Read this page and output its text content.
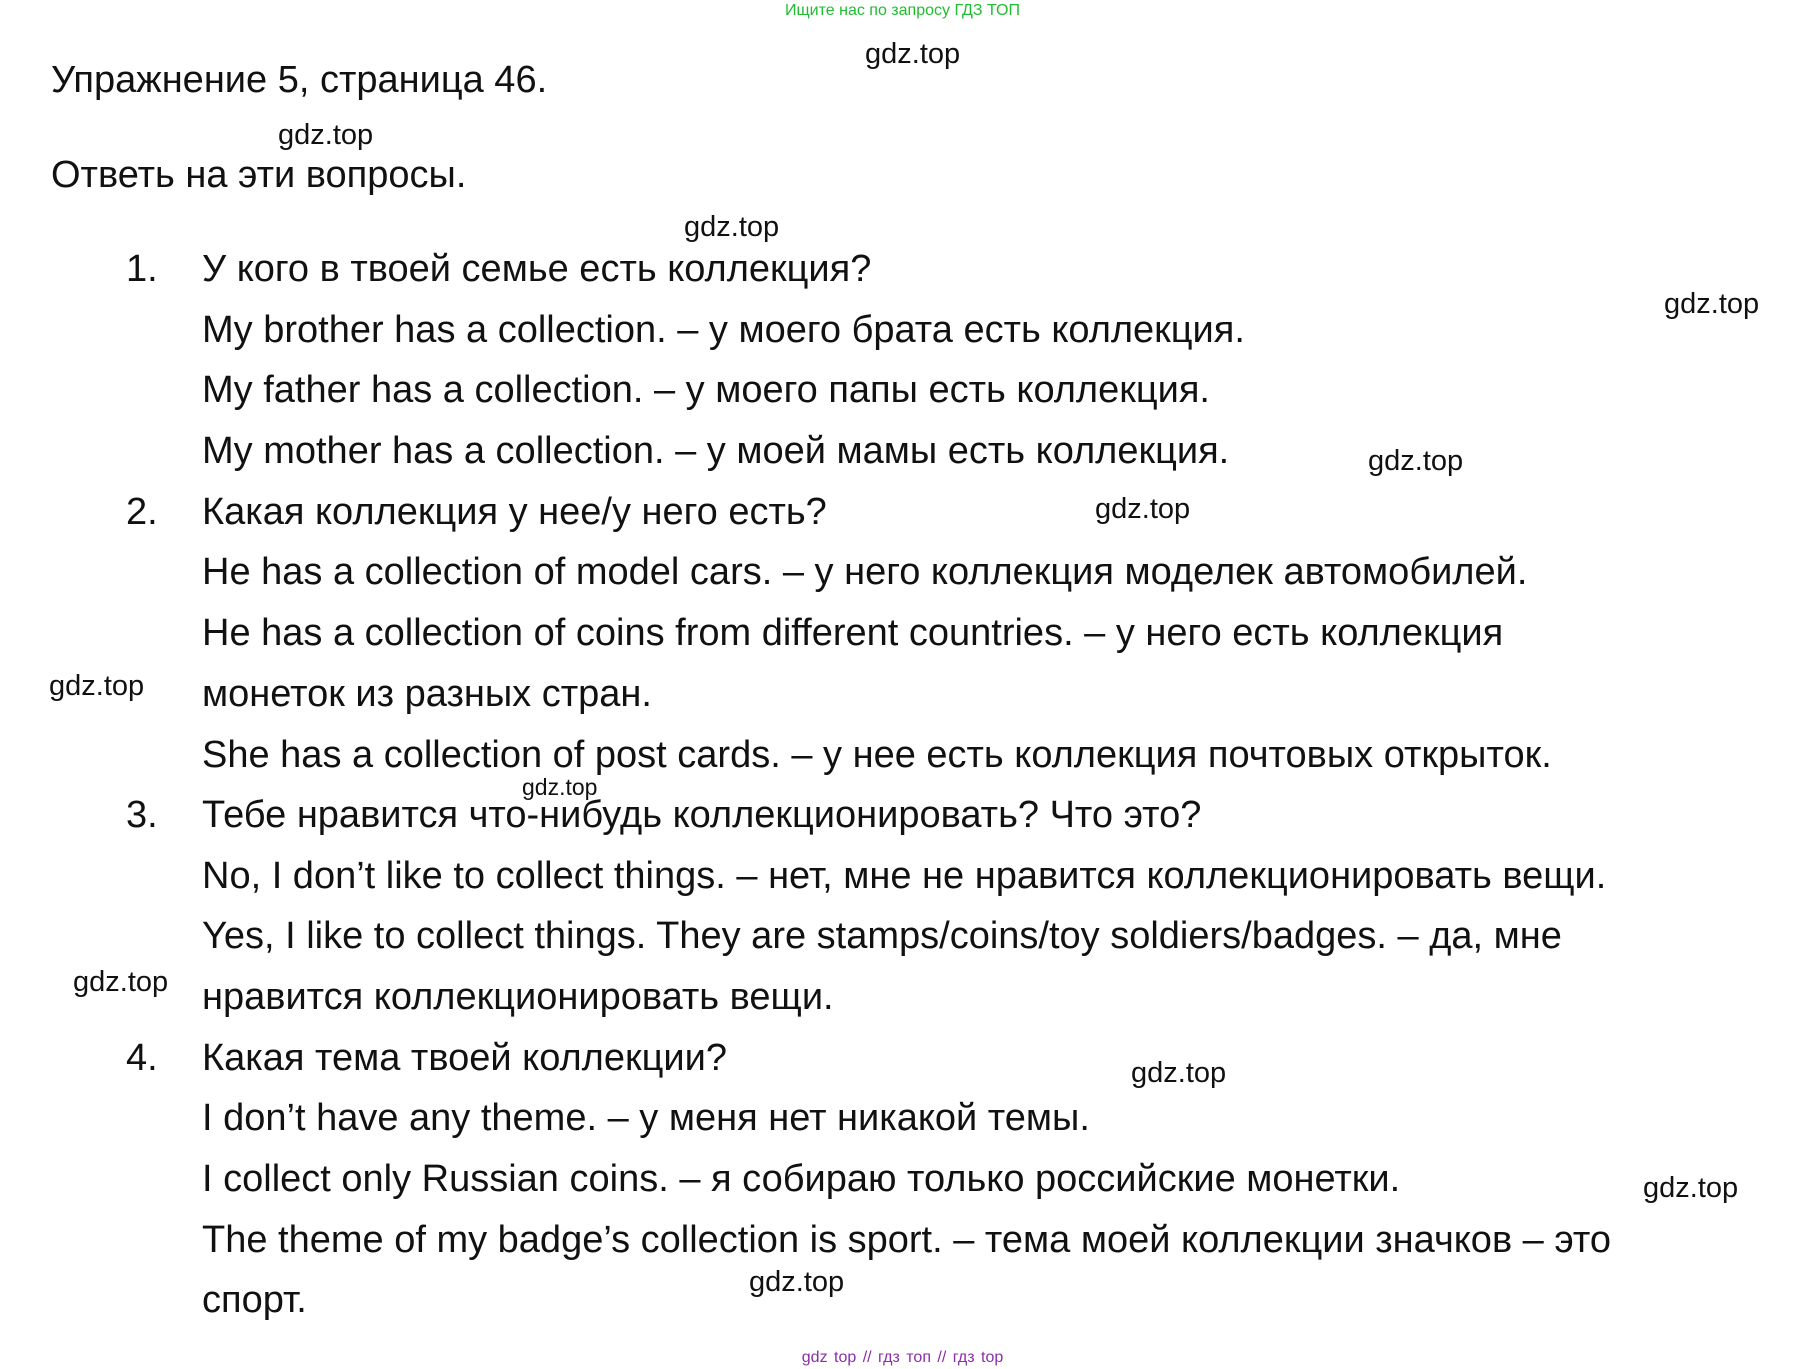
Ищите нас по запросу ГДЗ ТОП
Упражнение 5, страница 46.
Ответь на эти вопросы.
1. У кого в твоей семье есть коллекция?
My brother has a collection. – у моего брата есть коллекция.
My father has a collection. – у моего папы есть коллекция.
My mother has a collection. – у моей мамы есть коллекция.
2. Какая коллекция у нее/у него есть?
He has a collection of model cars. – у него коллекция моделек автомобилей.
He has a collection of coins from different countries. – у него есть коллекция
монеток из разных стран.
She has a collection of post cards. – у нее есть коллекция почтовых открыток.
3. Тебе нравится что-нибудь коллекционировать? Что это?
No, I don’t like to collect things. – нет, мне не нравится коллекционировать вещи.
Yes, I like to collect things. They are stamps/coins/toy soldiers/badges. – да, мне
нравится коллекционировать вещи.
4. Какая тема твоей коллекции?
I don’t have any theme. – у меня нет никакой темы.
I collect only Russian coins. – я собираю только российские монетки.
The theme of my badge’s collection is sport. – тема моей коллекции значков – это
спорт.
gdz.top
gdz.top
gdz.top
gdz.top
gdz.top
gdz.top
gdz.top
gdz.top
gdz.top
gdz.top
gdz.top
gdz.top
gdz top // гдз топ // гдз top
